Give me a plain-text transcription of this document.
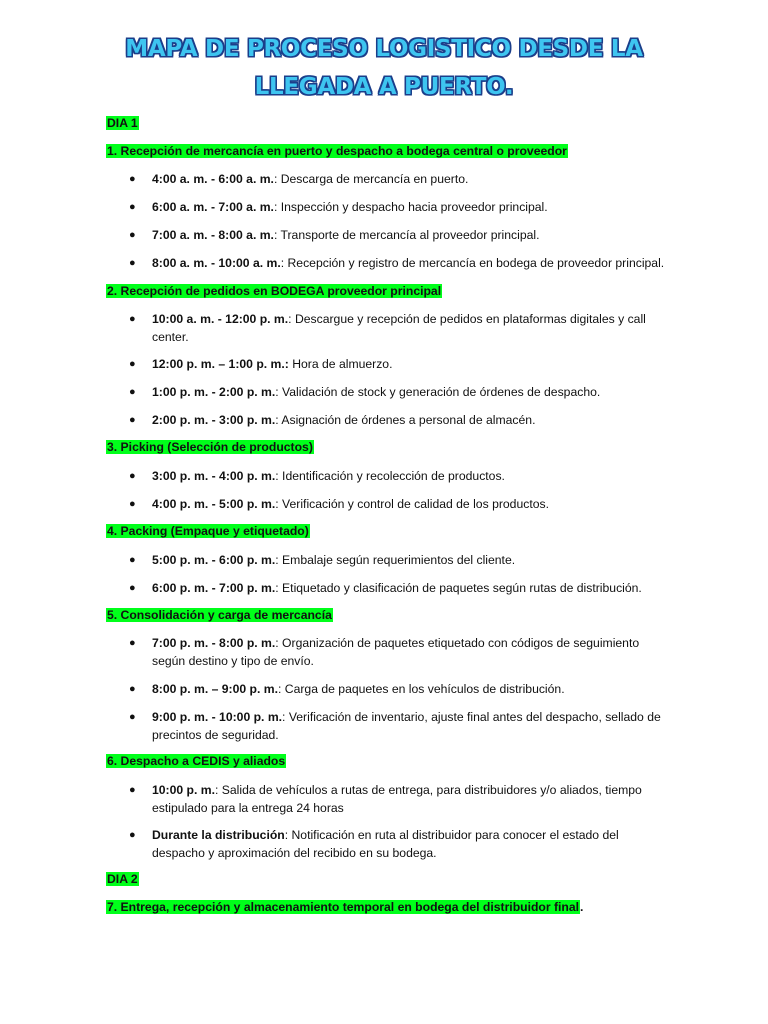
MAPA DE PROCESO LOGISTICO DESDE LA
LLEGADA A PUERTO.
DIA 1
1. Recepción de mercancía en puerto y despacho a bodega central o proveedor
● 4:00 a. m. - 6:00 a. m.: Descarga de mercancía en puerto.
● 6:00 a. m. - 7:00 a. m.: Inspección y despacho hacia proveedor principal.
● 7:00 a. m. - 8:00 a. m.: Transporte de mercancía al proveedor principal.
● 8:00 a. m. - 10:00 a. m.: Recepción y registro de mercancía en bodega de proveedor principal.
2. Recepción de pedidos en BODEGA proveedor principal
● 10:00 a. m. - 12:00 p. m.: Descargue y recepción de pedidos en plataformas digitales y call center.
● 12:00 p. m. – 1:00 p. m.: Hora de almuerzo.
● 1:00 p. m. - 2:00 p. m.: Validación de stock y generación de órdenes de despacho.
● 2:00 p. m. - 3:00 p. m.: Asignación de órdenes a personal de almacén.
3. Picking (Selección de productos)
● 3:00 p. m. - 4:00 p. m.: Identificación y recolección de productos.
● 4:00 p. m. - 5:00 p. m.: Verificación y control de calidad de los productos.
4. Packing (Empaque y etiquetado)
● 5:00 p. m. - 6:00 p. m.: Embalaje según requerimientos del cliente.
● 6:00 p. m. - 7:00 p. m.: Etiquetado y clasificación de paquetes según rutas de distribución.
5. Consolidación y carga de mercancía
● 7:00 p. m. - 8:00 p. m.: Organización de paquetes etiquetado con códigos de seguimiento según destino y tipo de envío.
● 8:00 p. m. – 9:00 p. m.: Carga de paquetes en los vehículos de distribución.
● 9:00 p. m. - 10:00 p. m.: Verificación de inventario, ajuste final antes del despacho, sellado de precintos de seguridad.
6. Despacho a CEDIS y aliados
● 10:00 p. m.: Salida de vehículos a rutas de entrega, para distribuidores y/o aliados, tiempo estipulado para la entrega 24 horas
● Durante la distribución: Notificación en ruta al distribuidor para conocer el estado del despacho y aproximación del recibido en su bodega.
DIA 2
7. Entrega, recepción y almacenamiento temporal en bodega del distribuidor final.
